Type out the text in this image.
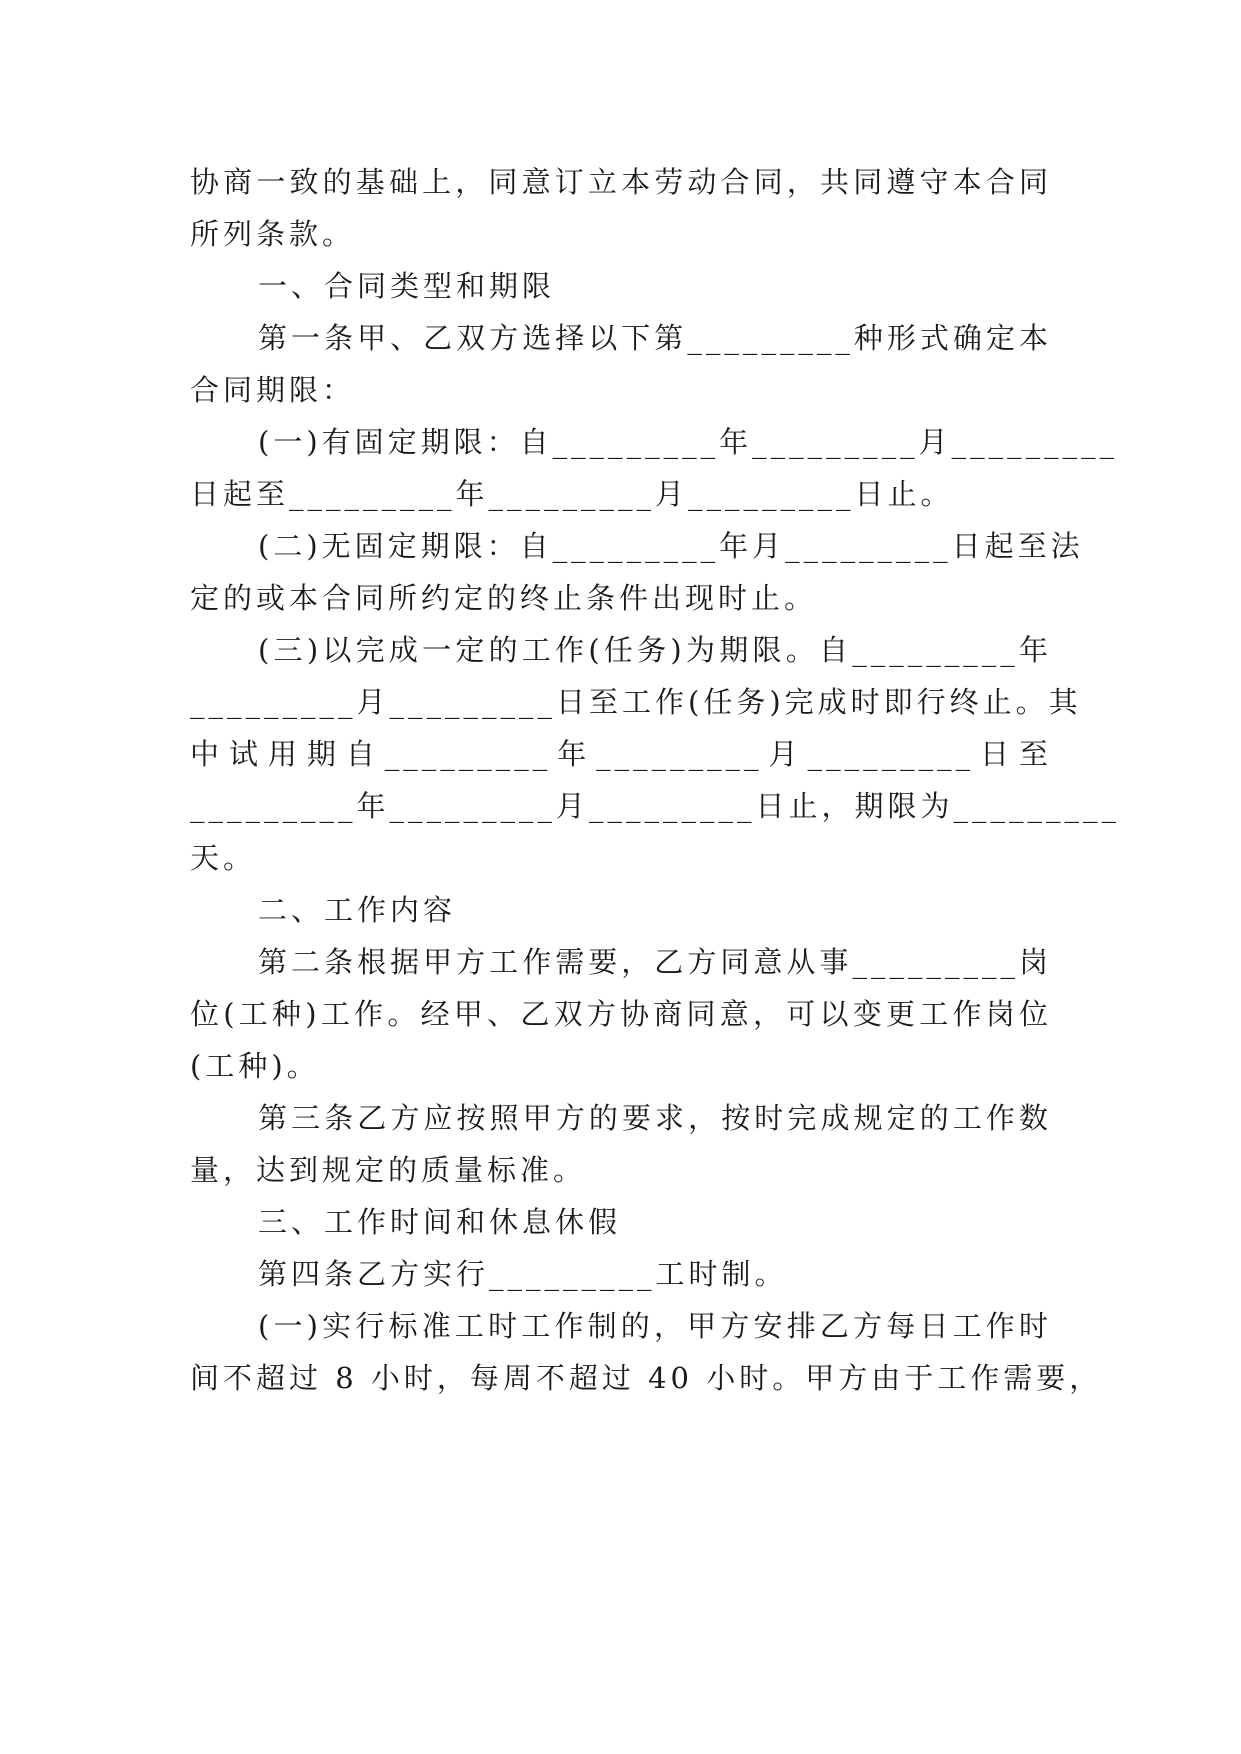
协商一致的基础上，同意订立本劳动合同，共同遵守本合同
所列条款。
一、合同类型和期限
第一条甲、乙双方选择以下第_________种形式确定本
合同期限：
(一)有固定期限：自_________年_________月_________
日起至_________年_________月_________日止。
(二)无固定期限：自_________年月_________日起至法
定的或本合同所约定的终止条件出现时止。
(三)以完成一定的工作(任务)为期限。自_________年
_________月_________日至工作(任务)完成时即行终止。其
中试用期自_________年_________月_________日至
_________年_________月_________日止，期限为_________
天。
二、工作内容
第二条根据甲方工作需要，乙方同意从事_________岗
位(工种)工作。经甲、乙双方协商同意，可以变更工作岗位
(工种)。
第三条乙方应按照甲方的要求，按时完成规定的工作数
量，达到规定的质量标准。
三、工作时间和休息休假
第四条乙方实行_________工时制。
(一)实行标准工时工作制的，甲方安排乙方每日工作时
间不超过 8 小时，每周不超过 40 小时。甲方由于工作需要，
